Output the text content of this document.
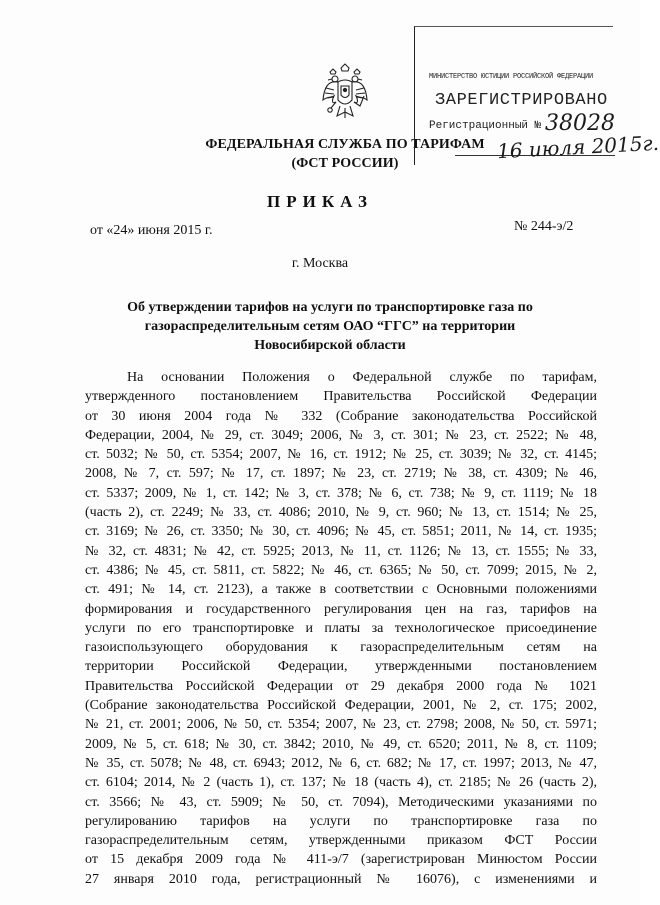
ФЕДЕРАЛЬНАЯ СЛУЖБА ПО ТАРИФАМ
(ФСТ РОССИИ)
МИНИСТЕРСТВО ЮСТИЦИИ РОССИЙСКОЙ ФЕДЕРАЦИИ
ЗАРЕГИСТРИРОВАНО
Регистрационный № 38028
16 июля 2015г.
ПРИКАЗ
от «24» июня 2015 г.	№ 244-э/2
г. Москва
Об утверждении тарифов на услуги по транспортировке газа по
газораспределительным сетям ОАО “ГГС” на территории
Новосибирской области
На основании Положения о Федеральной службе по тарифам,
утвержденного постановлением Правительства Российской Федерации
от 30 июня 2004 года № 332 (Собрание законодательства Российской
Федерации, 2004, № 29, ст. 3049; 2006, № 3, ст. 301; № 23, ст. 2522; № 48,
ст. 5032; № 50, ст. 5354; 2007, № 16, ст. 1912; № 25, ст. 3039; № 32, ст. 4145;
2008, № 7, ст. 597; № 17, ст. 1897; № 23, ст. 2719; № 38, ст. 4309; № 46,
ст. 5337; 2009, № 1, ст. 142; № 3, ст. 378; № 6, ст. 738; № 9, ст. 1119; № 18
(часть 2), ст. 2249; № 33, ст. 4086; 2010, № 9, ст. 960; № 13, ст. 1514; № 25,
ст. 3169; № 26, ст. 3350; № 30, ст. 4096; № 45, ст. 5851; 2011, № 14, ст. 1935;
№ 32, ст. 4831; № 42, ст. 5925; 2013, № 11, ст. 1126; № 13, ст. 1555; № 33,
ст. 4386; № 45, ст. 5811, ст. 5822; № 46, ст. 6365; № 50, ст. 7099; 2015, № 2,
ст. 491; № 14, ст. 2123), а также в соответствии с Основными положениями
формирования и государственного регулирования цен на газ, тарифов на
услуги по его транспортировке и платы за технологическое присоединение
газоиспользующего оборудования к газораспределительным сетям на
территории Российской Федерации, утвержденными постановлением
Правительства Российской Федерации от 29 декабря 2000 года № 1021
(Собрание законодательства Российской Федерации, 2001, № 2, ст. 175; 2002,
№ 21, ст. 2001; 2006, № 50, ст. 5354; 2007, № 23, ст. 2798; 2008, № 50, ст. 5971;
2009, № 5, ст. 618; № 30, ст. 3842; 2010, № 49, ст. 6520; 2011, № 8, ст. 1109;
№ 35, ст. 5078; № 48, ст. 6943; 2012, № 6, ст. 682; № 17, ст. 1997; 2013, № 47,
ст. 6104; 2014, № 2 (часть 1), ст. 137; № 18 (часть 4), ст. 2185; № 26 (часть 2),
ст. 3566; № 43, ст. 5909; № 50, ст. 7094), Методическими указаниями по
регулированию тарифов на услуги по транспортировке газа по
газораспределительным сетям, утвержденными приказом ФСТ России
от 15 декабря 2009 года № 411-э/7 (зарегистрирован Минюстом России
27 января 2010 года, регистрационный № 16076), с изменениями и
